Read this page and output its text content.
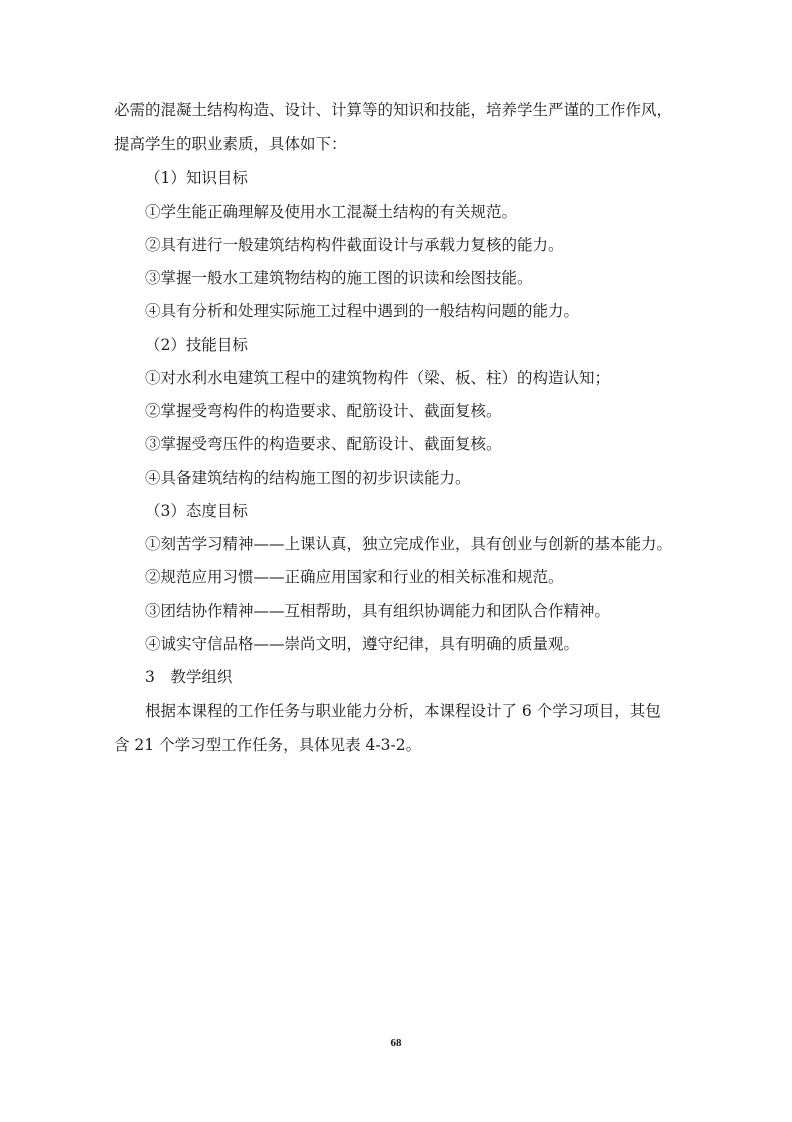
必需的混凝土结构构造、设计、计算等的知识和技能，培养学生严谨的工作作风，
提高学生的职业素质，具体如下：
（1）知识目标
①学生能正确理解及使用水工混凝土结构的有关规范。
②具有进行一般建筑结构构件截面设计与承载力复核的能力。
③掌握一般水工建筑物结构的施工图的识读和绘图技能。
④具有分析和处理实际施工过程中遇到的一般结构问题的能力。
（2）技能目标
①对水利水电建筑工程中的建筑物构件（梁、板、柱）的构造认知；
②掌握受弯构件的构造要求、配筋设计、截面复核。
③掌握受弯压件的构造要求、配筋设计、截面复核。
④具备建筑结构的结构施工图的初步识读能力。
（3）态度目标
①刻苦学习精神——上课认真，独立完成作业，具有创业与创新的基本能力。
②规范应用习惯——正确应用国家和行业的相关标准和规范。
③团结协作精神——互相帮助，具有组织协调能力和团队合作精神。
④诚实守信品格——崇尚文明，遵守纪律，具有明确的质量观。
3　教学组织
根据本课程的工作任务与职业能力分析，本课程设计了 6 个学习项目，其包
含 21 个学习型工作任务，具体见表 4-3-2。
68
